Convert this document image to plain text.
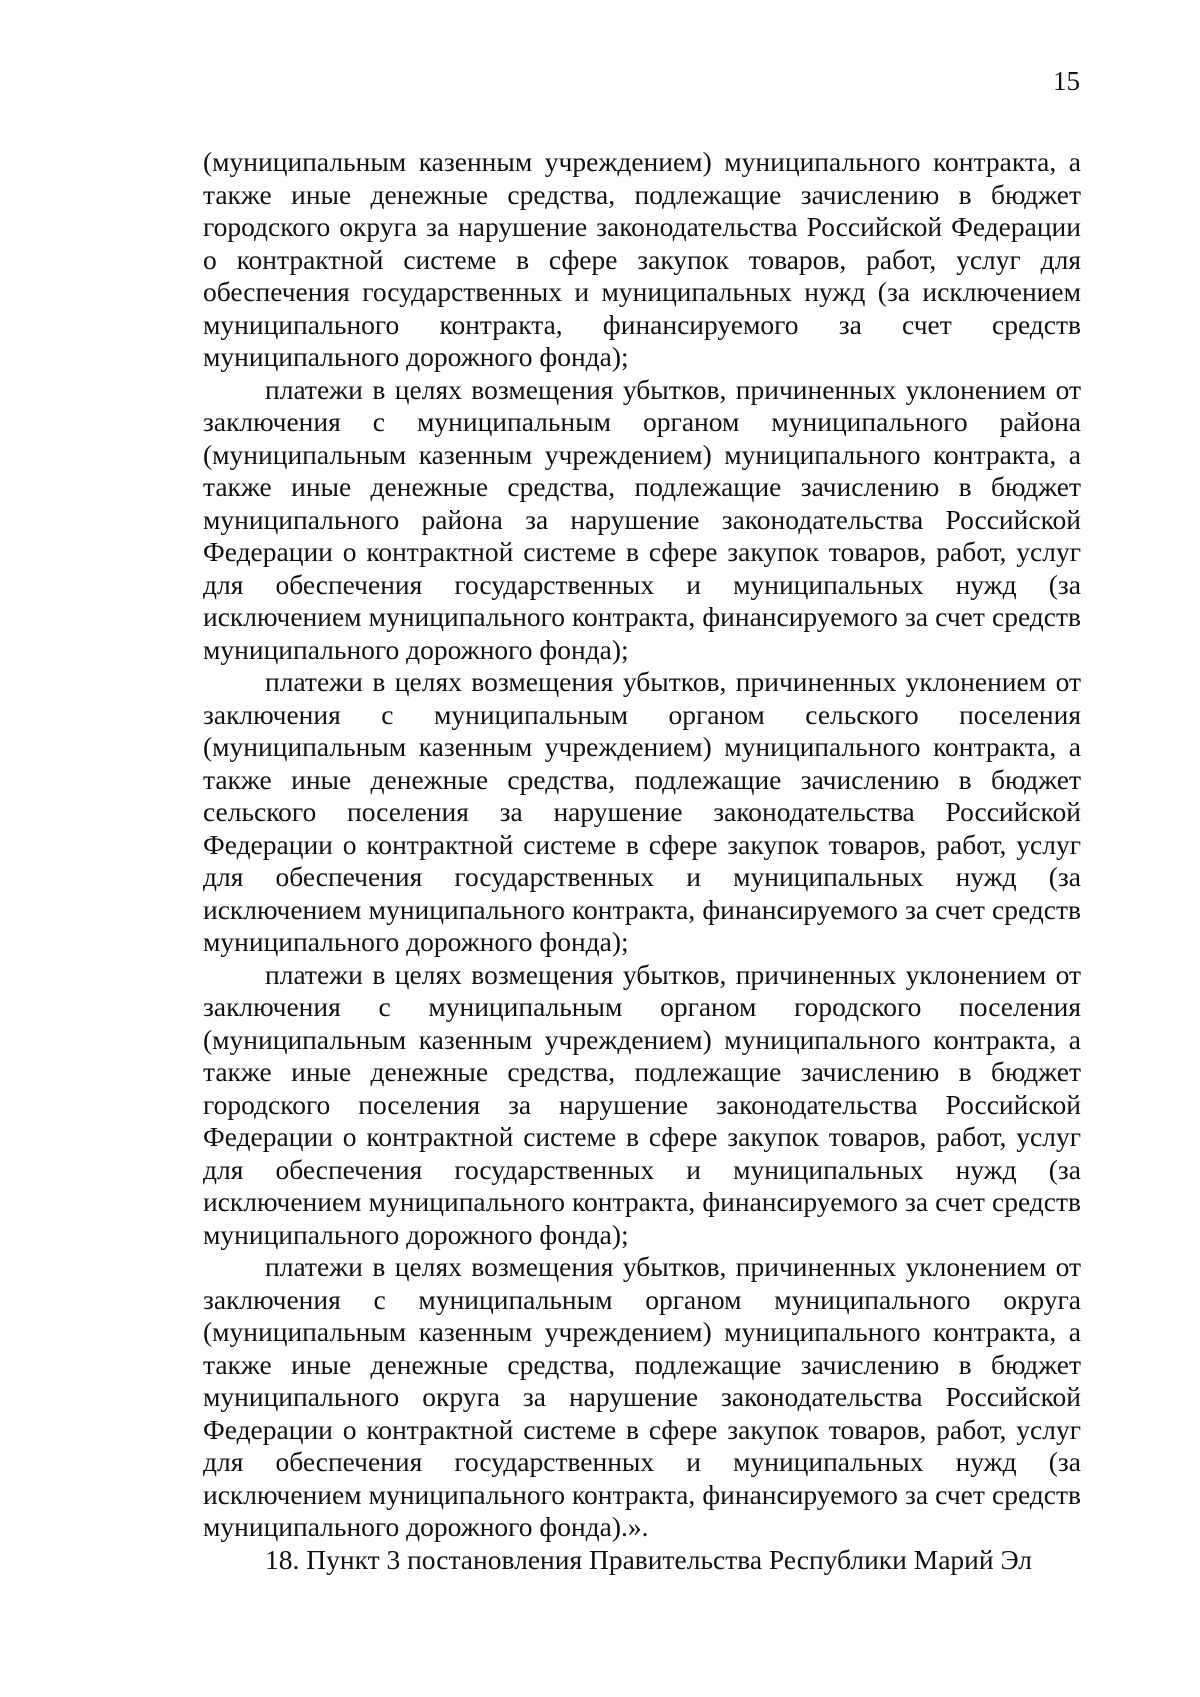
15

(муниципальным казенным учреждением) муниципального контракта, а также иные денежные средства, подлежащие зачислению в бюджет городского округа за нарушение законодательства Российской Федерации о контрактной системе в сфере закупок товаров, работ, услуг для обеспечения государственных и муниципальных нужд (за исключением муниципального контракта, финансируемого за счет средств муниципального дорожного фонда);

платежи в целях возмещения убытков, причиненных уклонением от заключения с муниципальным органом муниципального района (муниципальным казенным учреждением) муниципального контракта, а также иные денежные средства, подлежащие зачислению в бюджет муниципального района за нарушение законодательства Российской Федерации о контрактной системе в сфере закупок товаров, работ, услуг для обеспечения государственных и муниципальных нужд (за исключением муниципального контракта, финансируемого за счет средств муниципального дорожного фонда);

платежи в целях возмещения убытков, причиненных уклонением от заключения с муниципальным органом сельского поселения (муниципальным казенным учреждением) муниципального контракта, а также иные денежные средства, подлежащие зачислению в бюджет сельского поселения за нарушение законодательства Российской Федерации о контрактной системе в сфере закупок товаров, работ, услуг для обеспечения государственных и муниципальных нужд (за исключением муниципального контракта, финансируемого за счет средств муниципального дорожного фонда);

платежи в целях возмещения убытков, причиненных уклонением от заключения с муниципальным органом городского поселения (муниципальным казенным учреждением) муниципального контракта, а также иные денежные средства, подлежащие зачислению в бюджет городского поселения за нарушение законодательства Российской Федерации о контрактной системе в сфере закупок товаров, работ, услуг для обеспечения государственных и муниципальных нужд (за исключением муниципального контракта, финансируемого за счет средств муниципального дорожного фонда);

платежи в целях возмещения убытков, причиненных уклонением от заключения с муниципальным органом муниципального округа (муниципальным казенным учреждением) муниципального контракта, а также иные денежные средства, подлежащие зачислению в бюджет муниципального округа за нарушение законодательства Российской Федерации о контрактной системе в сфере закупок товаров, работ, услуг для обеспечения государственных и муниципальных нужд (за исключением муниципального контракта, финансируемого за счет средств муниципального дорожного фонда).».

18. Пункт 3 постановления Правительства Республики Марий Эл
